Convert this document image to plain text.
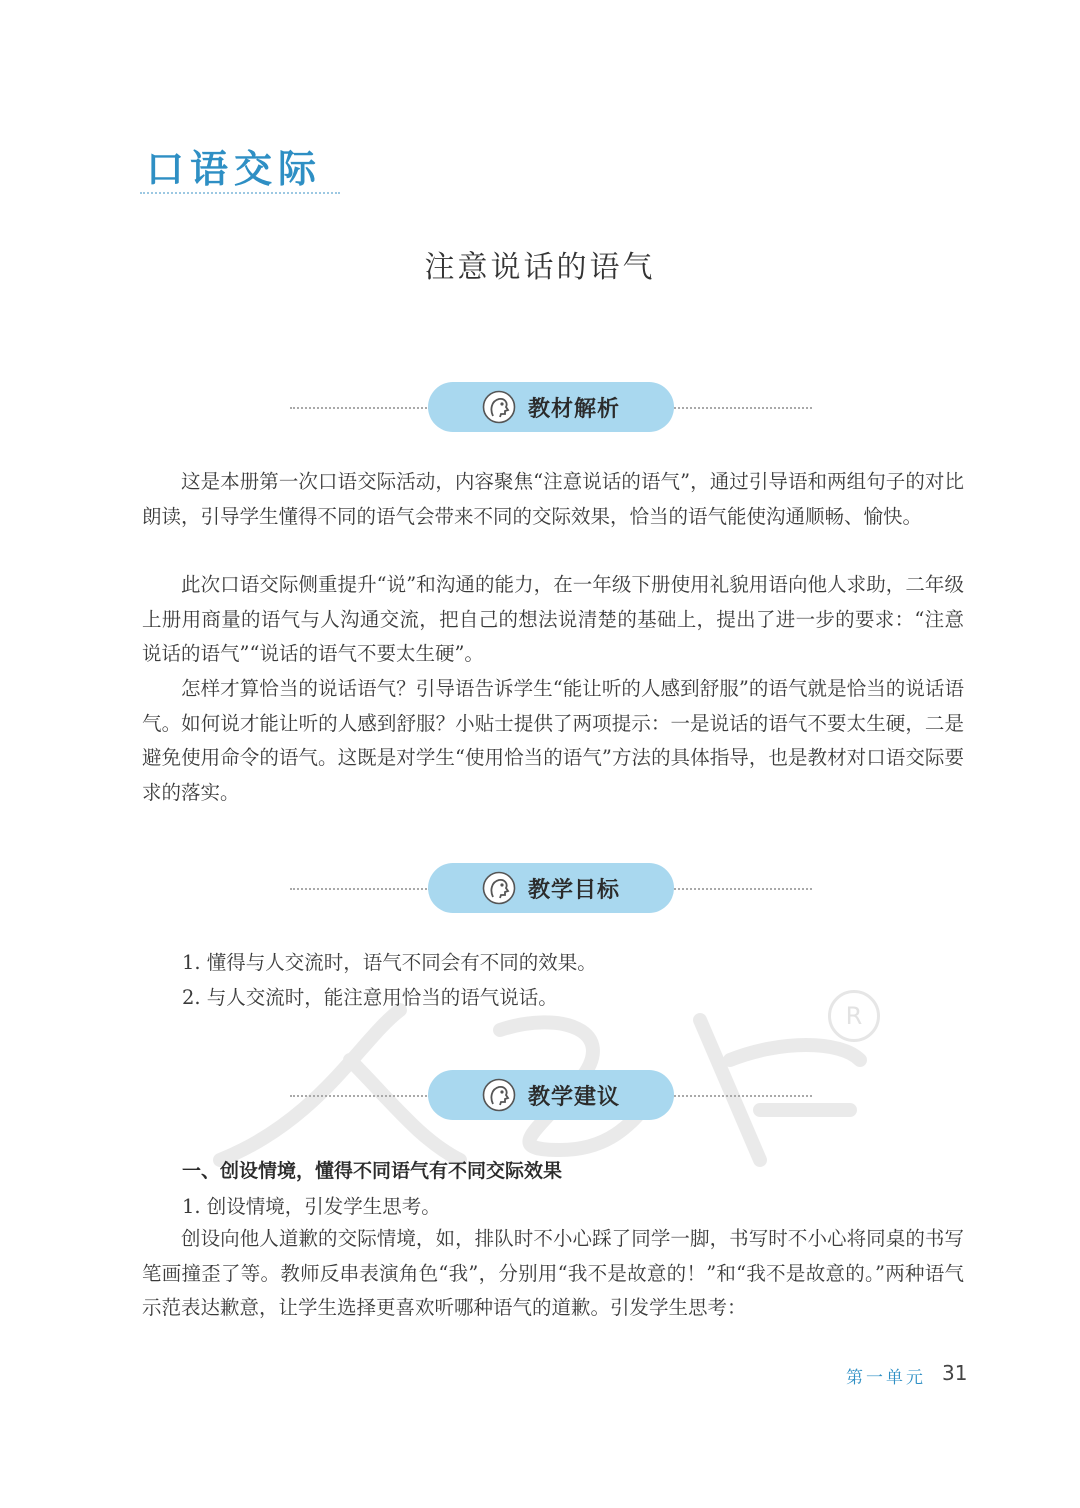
R
口语交际
注意说话的语气
教材解析

这是本册第一次口语交际活动，内容聚焦“注意说话的语气”，通过引导语和两组句子的对比朗读，引导学生懂得不同的语气会带来不同的交际效果，恰当的语气能使沟通顺畅、愉快。

此次口语交际侧重提升“说”和沟通的能力，在一年级下册使用礼貌用语向他人求助，二年级上册用商量的语气与人沟通交流，把自己的想法说清楚的基础上，提出了进一步的要求：“注意说话的语气”“说话的语气不要太生硬”。

怎样才算恰当的说话语气？引导语告诉学生“能让听的人感到舒服”的语气就是恰当的说话语气。如何说才能让听的人感到舒服？小贴士提供了两项提示：一是说话的语气不要太生硬，二是避免使用命令的语气。这既是对学生“使用恰当的语气”方法的具体指导，也是教材对口语交际要求的落实。

教学目标

1. 懂得与人交流时，语气不同会有不同的效果。

2. 与人交流时，能注意用恰当的语气说话。

教学建议
一、创设情境，懂得不同语气有不同交际效果
1. 创设情境，引发学生思考。

创设向他人道歉的交际情境，如，排队时不小心踩了同学一脚，书写时不小心将同桌的书写笔画撞歪了等。教师反串表演角色“我”，分别用“我不是故意的！”和“我不是故意的。”两种语气示范表达歉意，让学生选择更喜欢听哪种语气的道歉。引发学生思考：

第一单元 31
